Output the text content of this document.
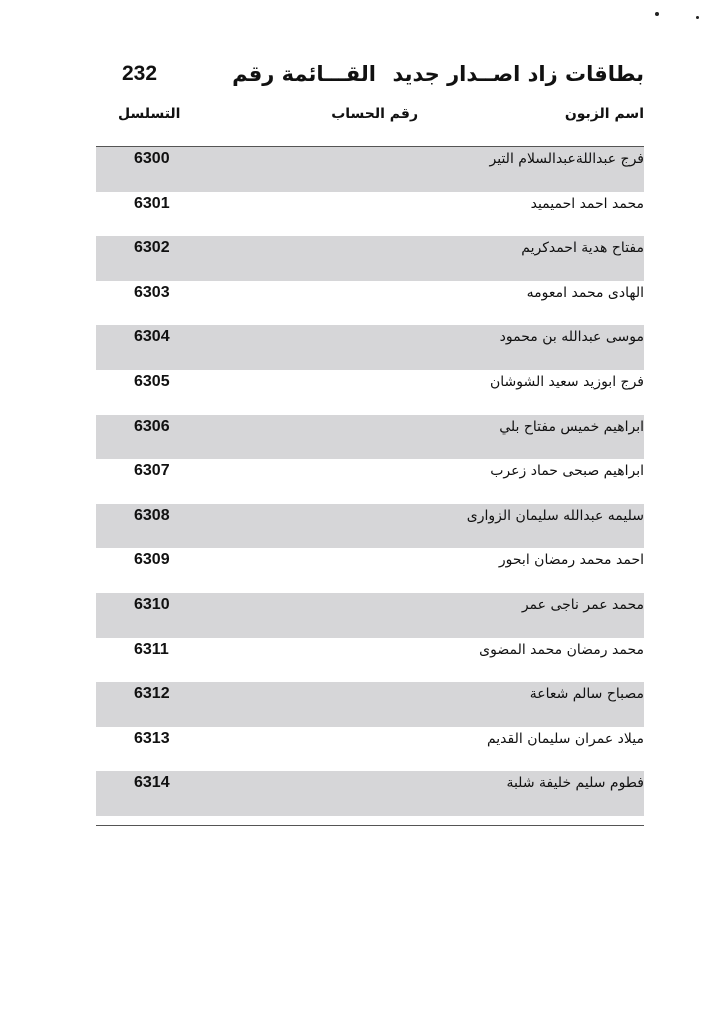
بطاقات زاد اصــدار جديد
القـــائمة رقم
232
اسم الزبون
رقم الحساب
التسلسل
فرج عبداللةعبدالسلام التير
6300
محمد احمد احميميد
6301
مفتاح هدية احمدكريم
6302
الهادى محمد امعومه
6303
موسى عبدالله بن محمود
6304
فرج ابوزيد سعيد الشوشان
6305
ابراهيم خميس مفتاح بلي
6306
ابراهيم صبحى حماد زعرب
6307
سليمه عبدالله سليمان الزوارى
6308
احمد محمد رمضان ابحور
6309
محمد عمر ناجى عمر
6310
محمد رمضان محمد المضوى
6311
مصباح سالم شعاعة
6312
ميلاد عمران سليمان القديم
6313
فطوم سليم خليفة شلبة
6314
